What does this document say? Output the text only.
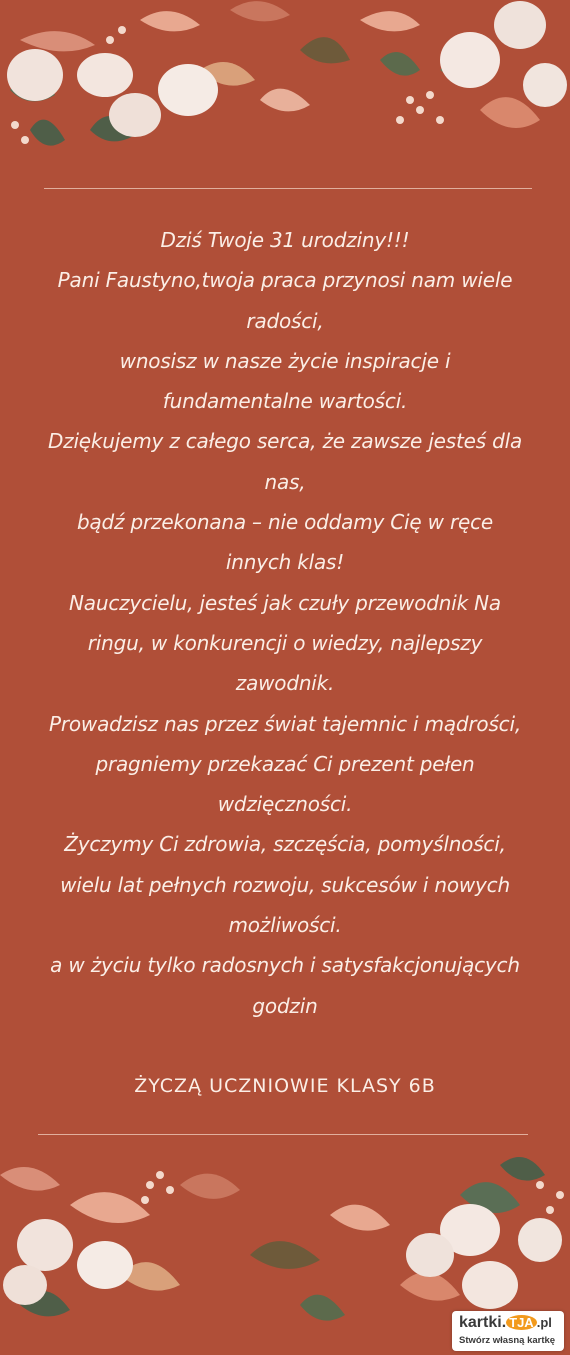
Dziś Twoje 31 urodziny!!!
Pani Faustyno,twoja praca przynosi nam wiele
radości,
wnosisz w nasze życie inspiracje i
fundamentalne wartości.
Dziękujemy z całego serca, że zawsze jesteś dla
nas,
bądź przekonana – nie oddamy Cię w ręce
innych klas!
Nauczycielu, jesteś jak czuły przewodnik Na
ringu, w konkurencji o wiedzy, najlepszy
zawodnik.
Prowadzisz nas przez świat tajemnic i mądrości,
pragniemy przekazać Ci prezent pełen
wdzięczności.
Życzymy Ci zdrowia, szczęścia, pomyślności,
wielu lat pełnych rozwoju, sukcesów i nowych
możliwości.
a w życiu tylko radosnych i satysfakcjonujących
godzin
ŻYCZĄ UCZNIOWIE KLASY 6B
kartki. TJA .pl
Stwórz własną kartkę
